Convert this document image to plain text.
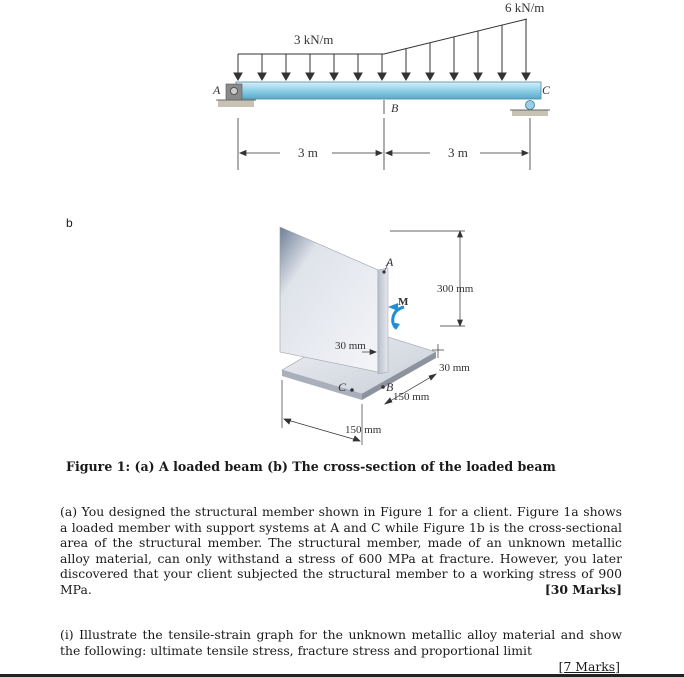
6 kN/m
3 kN/m
A	C
B
3 m	3 m
300 mm
30 mm
30 mm
M
A
C	B
150 mm
150 mm
b
Figure 1: (a) A loaded beam (b) The cross-section of the loaded beam
(a) You designed the structural member shown in Figure 1 for a client. Figure 1a shows a loaded member with support systems at A and C while Figure 1b is the cross-sectional area of the structural member. The structural member, made of an unknown metallic alloy material, can only withstand a stress of 600 MPa at fracture. However, you later discovered that your client subjected the structural member to a working stress of 900 MPa.	[30 Marks]
(i) Illustrate the tensile-strain graph for the unknown metallic alloy material and show the following: ultimate tensile stress, fracture stress and proportional limit
[7 Marks]
